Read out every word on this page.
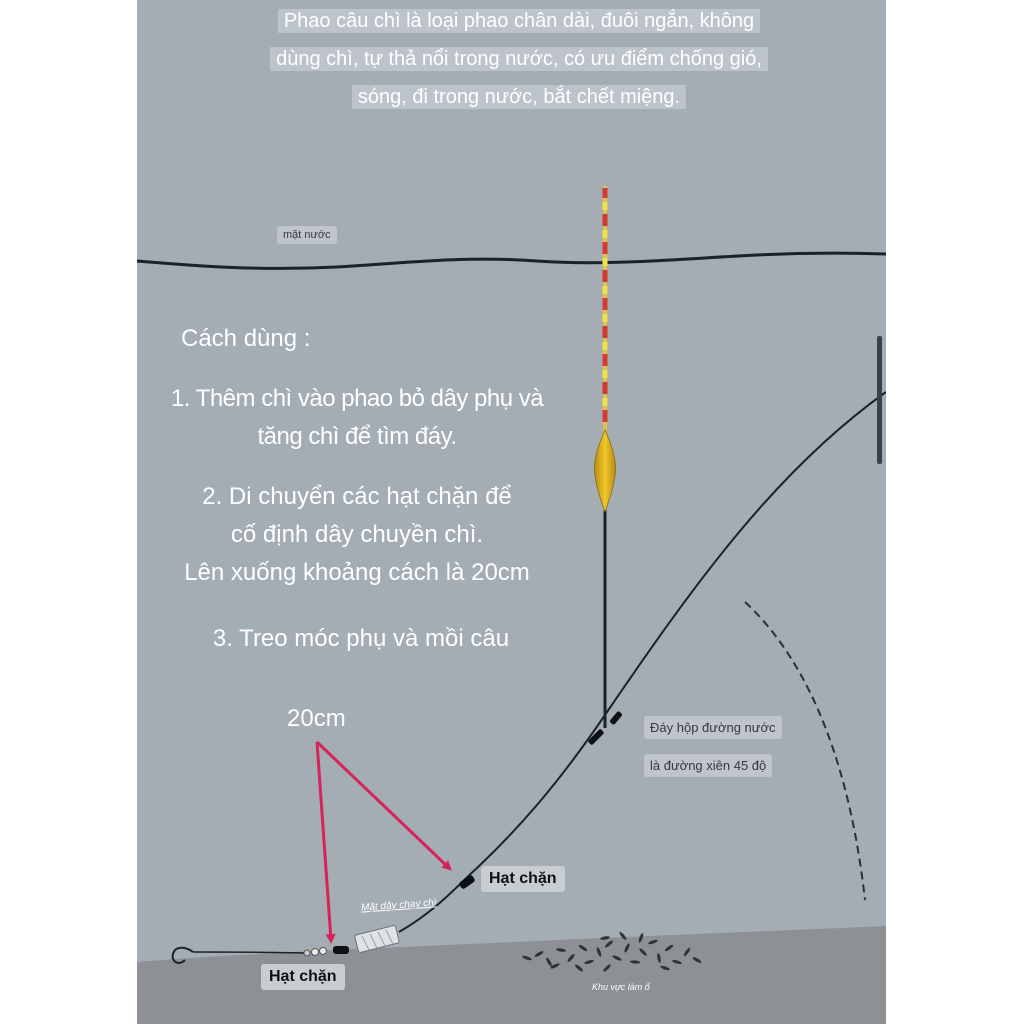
Phao câu chì là loại phao chân dài, đuôi ngắn, không
dùng chì, tự thả nổi trong nước, có ưu điểm chống gió,
sóng, đi trong nước, bắt chết miệng.
mặt nước
Cách dùng :
1. Thêm chì vào phao bỏ dây phụ và
tăng chì để tìm đáy.
2. Di chuyển các hạt chặn để
cố định dây chuyền chì.
Lên xuống khoảng cách là 20cm
3. Treo móc phụ và mồi câu
20cm	Đáy hộp đường nước
là đường xiên 45 độ
Hạt chặn
Hạt chặn
Mặt dây chạy chì
Khu vực làm ổ
